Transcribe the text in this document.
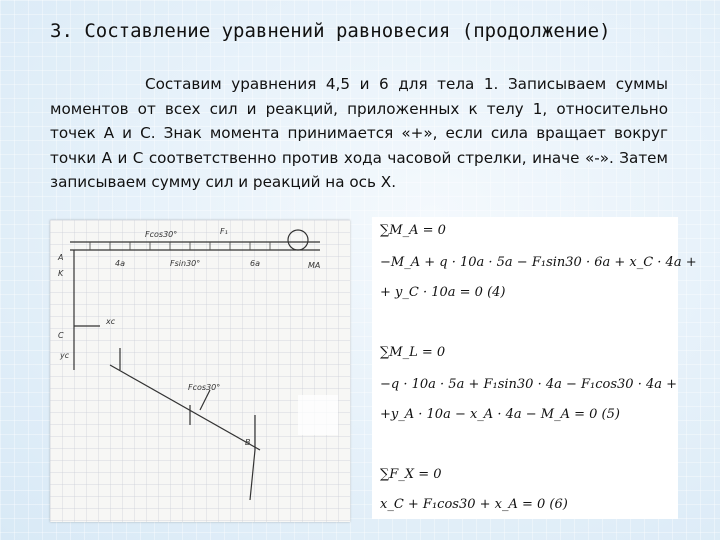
3. Составление уравнений равновесия (продолжение)
Составим уравнения 4,5 и 6 для тела 1. Записываем суммы моментов от всех сил и реакций, приложенных к телу 1, относительно точек A и C. Знак момента принимается «+», если сила вращает вокруг точки А и С соответственно против хода часовой стрелки, иначе «-». Затем записываем сумму сил и реакций на ось X.
Fcos30°	F₁
4a	6a
Fsin30°
A
K
C
xc
yc
B
MA
Fcos30°
∑M_A = 0
−M_A + q · 10a · 5a − F₁sin30 · 6a + x_C · 4a +
+ y_C · 10a = 0 (4)
∑M_L = 0
−q · 10a · 5a + F₁sin30 · 4a − F₁cos30 · 4a +
+y_A · 10a − x_A · 4a − M_A = 0 (5)
∑F_X = 0
x_C + F₁cos30 + x_A = 0 (6)
